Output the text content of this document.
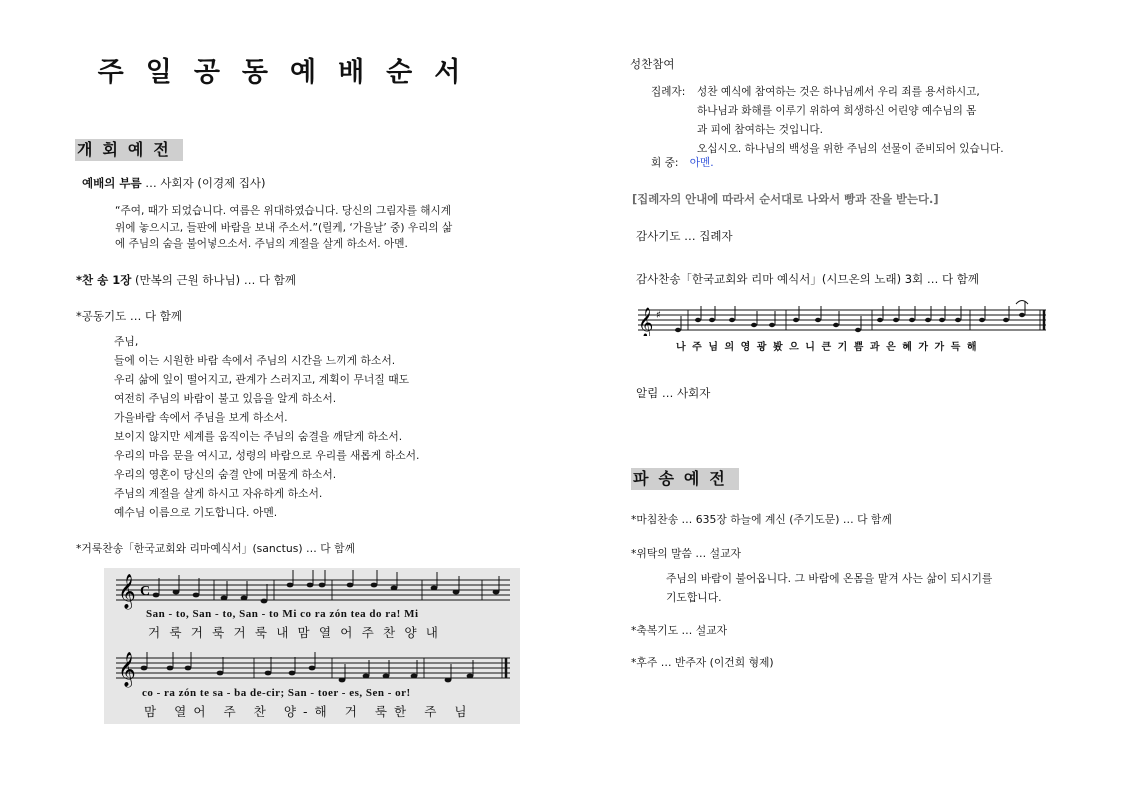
주일공동예배순서
개회예전
예배의 부름 … 사회자 (이경제 집사)
“주여, 때가 되었습니다. 여름은 위대하였습니다. 당신의 그림자를 해시계
위에 놓으시고, 들판에 바람을 보내 주소서.”(릴케, ‘가을날’ 중) 우리의 삶
에 주님의 숨을 불어넣으소서. 주님의 계절을 살게 하소서. 아멘.
*찬 송 1장 (만복의 근원 하나님) … 다 함께
*공동기도 … 다 함께
주님,
들에 이는 시원한 바람 속에서 주님의 시간을 느끼게 하소서.
우리 삶에 잎이 떨어지고, 관계가 스러지고, 계획이 무너질 때도
여전히 주님의 바람이 불고 있음을 알게 하소서.
가을바람 속에서 주님을 보게 하소서.
보이지 않지만 세계를 움직이는 주님의 숨결을 깨닫게 하소서.
우리의 마음 문을 여시고, 성령의 바람으로 우리를 새롭게 하소서.
우리의 영혼이 당신의 숨결 안에 머물게 하소서.
주님의 계절을 살게 하시고 자유하게 하소서.
예수님 이름으로 기도합니다. 아멘.
*거룩찬송「한국교회와 리마예식서」(sanctus) … 다 함께
𝄞
𝄞
C
San - to, San - to, San - to Mi co ra zón tea do ra! Mi
거룩거룩거룩내맘열어주찬양내
co - ra zón te sa - ba de-cir; San - toer - es, Sen - or!
맘 열어 주 찬 양-해 거 룩한 주 님
성찬참여
집례자: 성찬 예식에 참여하는 것은 하나님께서 우리 죄를 용서하시고,
하나님과 화해를 이루기 위하여 희생하신 어린양 예수님의 몸
과 피에 참여하는 것입니다.
오십시오. 하나님의 백성을 위한 주님의 선물이 준비되어 있습니다.
회 중: 아멘.
[집례자의 안내에 따라서 순서대로 나와서 빵과 잔을 받는다.]
감사기도 … 집례자
감사찬송「한국교회와 리마 예식서」(시므온의 노래) 3회 … 다 함께
𝄞 ♯
나주님의영광봤으니큰기쁨과은혜가가득해
알림 … 사회자
파송예전
*마침찬송 … 635장 하늘에 계신 (주기도문) … 다 함께
*위탁의 말씀 … 설교자
주님의 바람이 불어옵니다. 그 바람에 온몸을 맡겨 사는 삶이 되시기를
기도합니다.
*축복기도 … 설교자
*후주 … 반주자 (이건희 형제)
